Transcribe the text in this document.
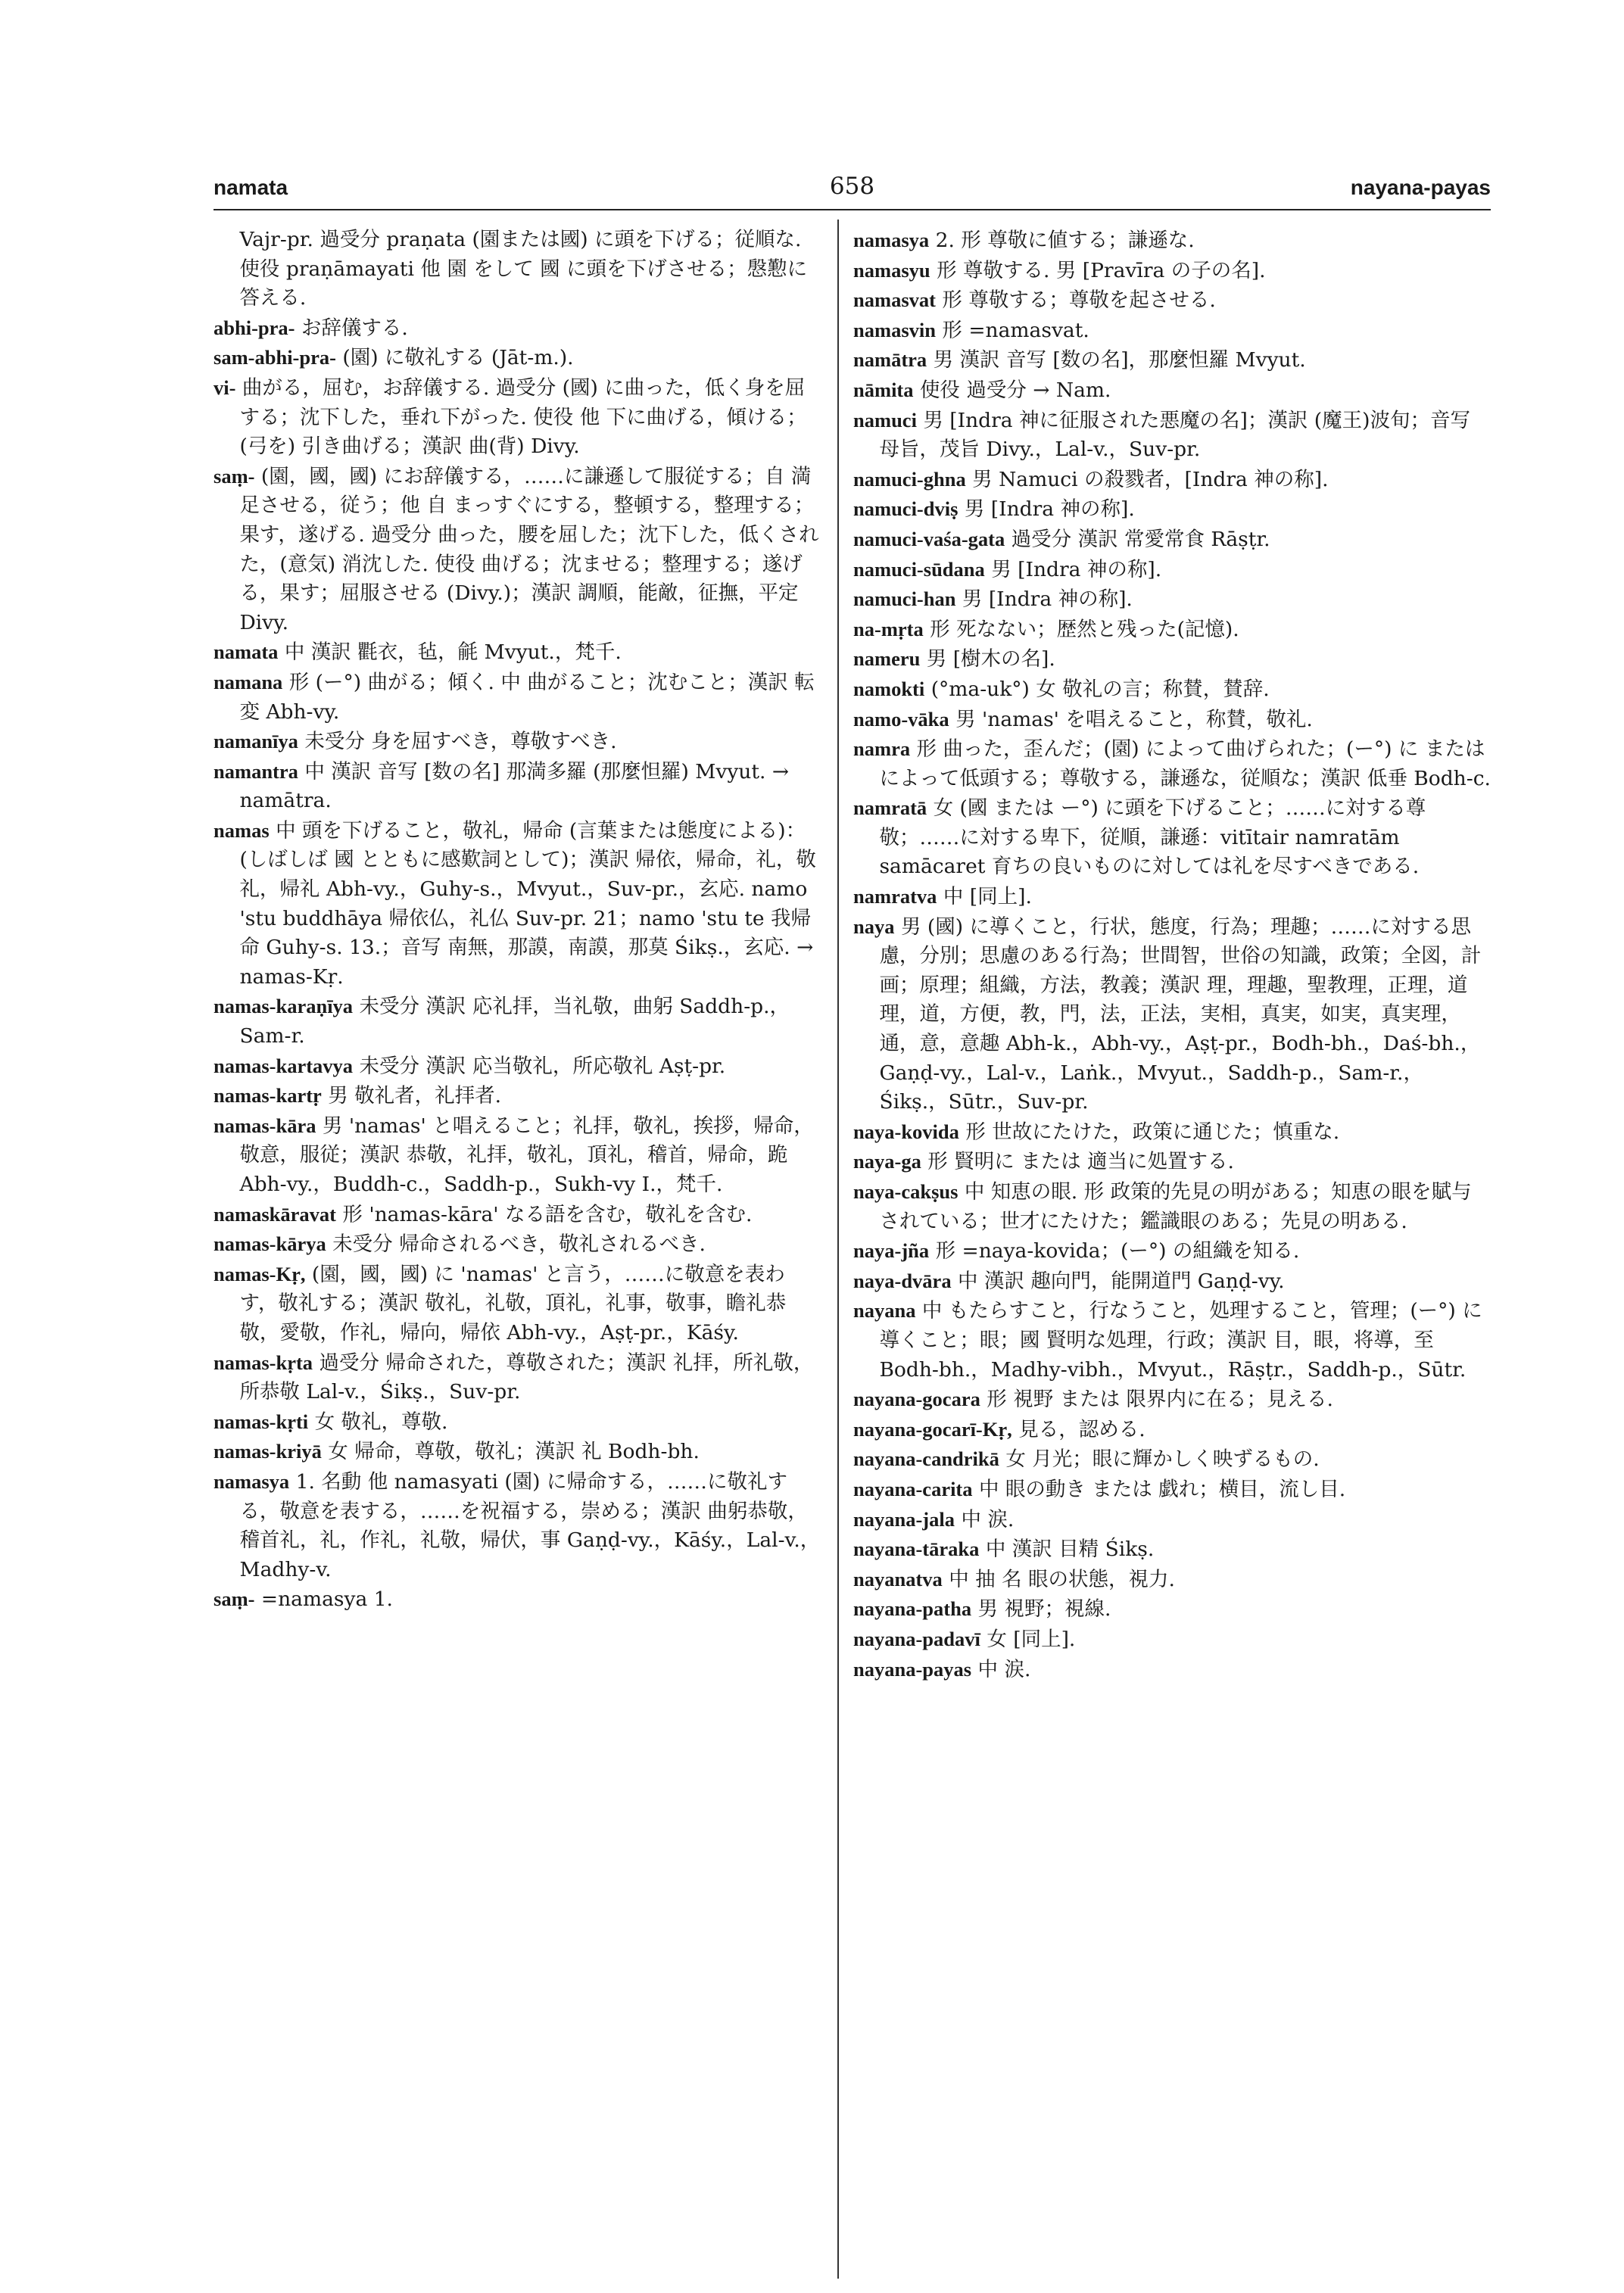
namata	658	nayana-payas

Vajr-pr. 過受分 praṇata (園または國) に頭を下げる；従順な. 使役 praṇāmayati 他 園 をして 國 に頭を下げさせる；慇懃に答える.

abhi-pra- お辞儀する.

sam-abhi-pra- (園) に敬礼する (Jāt-m.).

vi- 曲がる，屈む，お辞儀する. 過受分 (國) に曲った，低く身を屈する；沈下した，垂れ下がった. 使役 他 下に曲げる，傾ける；(弓を) 引き曲げる；漢訳 曲(背) Divy.

saṃ- (園，國，國) にお辞儀する，……に謙遜して服従する；自 満足させる，従う；他 自 まっすぐにする，整頓する，整理する；果す，遂げる. 過受分 曲った，腰を屈した；沈下した，低くされた，(意気) 消沈した. 使役 曲げる；沈ませる；整理する；遂げる，果す；屈服させる (Divy.)；漢訳 調順，能敵，征撫，平定 Divy.

namata 中 漢訳 氍衣，毡，毹 Mvyut.，梵千.

namana 形 (ー°) 曲がる；傾く. 中 曲がること；沈むこと；漢訳 転変 Abh-vy.

namanīya 未受分 身を屈すべき，尊敬すべき.

namantra 中 漢訳 音写 [数の名] 那満多羅 (那麼怛羅) Mvyut. → namātra.

namas 中 頭を下げること，敬礼，帰命 (言葉または態度による)：(しばしば 國 とともに感歎詞として)；漢訳 帰依，帰命，礼，敬礼，帰礼 Abh-vy.，Guhy-s.，Mvyut.，Suv-pr.，玄応. namo 'stu buddhāya 帰依仏，礼仏 Suv-pr. 21；namo 'stu te 我帰命 Guhy-s. 13.；音写 南無，那謨，南謨，那莫 Śikṣ.，玄応. → namas-Kṛ.

namas-karaṇīya 未受分 漢訳 応礼拝，当礼敬，曲躬 Saddh-p.，Sam-r.

namas-kartavya 未受分 漢訳 応当敬礼，所応敬礼 Aṣṭ-pr.

namas-kartṛ 男 敬礼者，礼拝者.

namas-kāra 男 'namas' と唱えること；礼拝，敬礼，挨拶，帰命，敬意，服従；漢訳 恭敬，礼拝，敬礼，頂礼，稽首，帰命，跪 Abh-vy.，Buddh-c.，Saddh-p.，Sukh-vy I.，梵千.

namaskāravat 形 'namas-kāra' なる語を含む，敬礼を含む.

namas-kārya 未受分 帰命されるべき，敬礼されるべき.

namas-Kṛ, (園，國，國) に 'namas' と言う，……に敬意を表わす，敬礼する；漢訳 敬礼，礼敬，頂礼，礼事，敬事，瞻礼恭敬，愛敬，作礼，帰向，帰依 Abh-vy.，Aṣṭ-pr.，Kāśy.

namas-kṛta 過受分 帰命された，尊敬された；漢訳 礼拝，所礼敬，所恭敬 Lal-v.，Śikṣ.，Suv-pr.

namas-kṛti 女 敬礼，尊敬.

namas-kriyā 女 帰命，尊敬，敬礼；漢訳 礼 Bodh-bh.

namasya 1. 名動 他 namasyati (園) に帰命する，……に敬礼する，敬意を表する，……を祝福する，崇める；漢訳 曲躬恭敬，稽首礼，礼，作礼，礼敬，帰伏，事 Gaṇḍ-vy.，Kāśy.，Lal-v.，Madhy-v.

saṃ- =namasya 1.

namasya 2. 形 尊敬に値する；謙遜な.

namasyu 形 尊敬する. 男 [Pravīra の子の名].

namasvat 形 尊敬する；尊敬を起させる.

namasvin 形 =namasvat.

namātra 男 漢訳 音写 [数の名]，那麼怛羅 Mvyut.

nāmita 使役 過受分 → Nam.

namuci 男 [Indra 神に征服された悪魔の名]；漢訳 (魔王)波旬；音写 母旨，茂旨 Divy.，Lal-v.，Suv-pr.

namuci-ghna 男 Namuci の殺戮者，[Indra 神の称].

namuci-dviṣ 男 [Indra 神の称].

namuci-vaśa-gata 過受分 漢訳 常愛常食 Rāṣṭr.

namuci-sūdana 男 [Indra 神の称].

namuci-han 男 [Indra 神の称].

na-mṛta 形 死なない；歴然と残った(記憶).

nameru 男 [樹木の名].

namokti (°ma-uk°) 女 敬礼の言；称賛，賛辞.

namo-vāka 男 'namas' を唱えること，称賛，敬礼.

namra 形 曲った，歪んだ；(園) によって曲げられた；(ー°) に または によって低頭する；尊敬する，謙遜な，従順な；漢訳 低垂 Bodh-c.

namratā 女 (國 または ー°) に頭を下げること；……に対する尊敬；……に対する卑下，従順，謙遜：vitītair namratām samācaret 育ちの良いものに対しては礼を尽すべきである.

namratva 中 [同上].

naya 男 (國) に導くこと，行状，態度，行為；理趣；……に対する思慮，分別；思慮のある行為；世間智，世俗の知識，政策；全図，計画；原理；組織，方法，教義；漢訳 理，理趣，聖教理，正理，道理，道，方便，教，門，法，正法，実相，真実，如実，真実理，通，意，意趣 Abh-k.，Abh-vy.，Aṣṭ-pr.，Bodh-bh.，Daś-bh.，Gaṇḍ-vy.，Lal-v.，Laṅk.，Mvyut.，Saddh-p.，Sam-r.，Śikṣ.，Sūtr.，Suv-pr.

naya-kovida 形 世故にたけた，政策に通じた；慎重な.

naya-ga 形 賢明に または 適当に処置する.

naya-cakṣus 中 知恵の眼. 形 政策的先見の明がある；知恵の眼を賦与されている；世才にたけた；鑑識眼のある；先見の明ある.

naya-jña 形 =naya-kovida；(ー°) の組織を知る.

naya-dvāra 中 漢訳 趣向門，能開道門 Gaṇḍ-vy.

nayana 中 もたらすこと，行なうこと，処理すること，管理；(ー°) に導くこと；眼；國 賢明な処理，行政；漢訳 目，眼，将導，至 Bodh-bh.，Madhy-vibh.，Mvyut.，Rāṣṭr.，Saddh-p.，Sūtr.

nayana-gocara 形 視野 または 限界内に在る；見える.

nayana-gocarī-Kṛ, 見る，認める.

nayana-candrikā 女 月光；眼に輝かしく映ずるもの.

nayana-carita 中 眼の動き または 戯れ；横目，流し目.

nayana-jala 中 涙.

nayana-tāraka 中 漢訳 目精 Śikṣ.

nayanatva 中 抽 名 眼の状態，視力.

nayana-patha 男 視野；視線.

nayana-padavī 女 [同上].

nayana-payas 中 涙.
